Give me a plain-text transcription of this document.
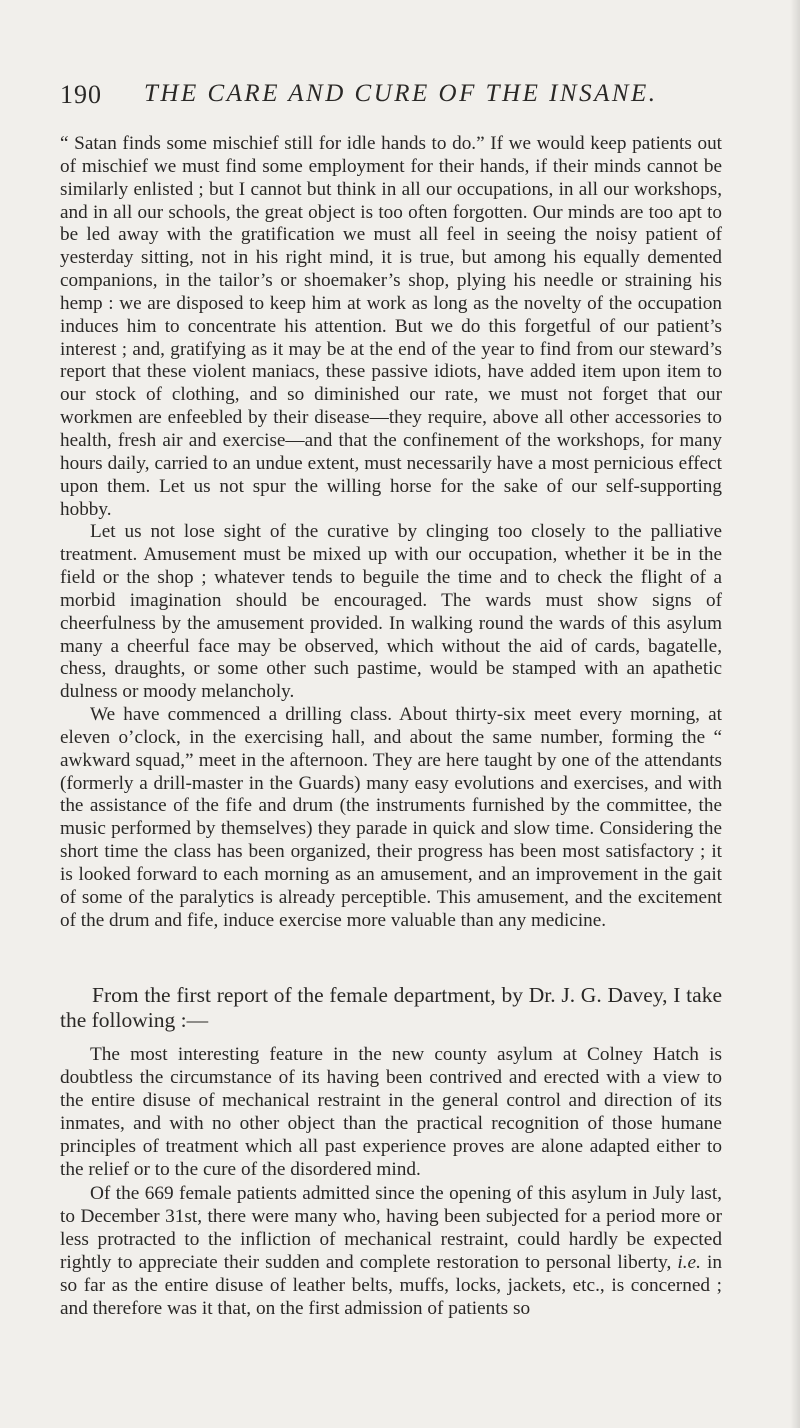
190 THE CARE AND CURE OF THE INSANE.

“ Satan finds some mischief still for idle hands to do.” If we would keep patients out of mischief we must find some employment for their hands, if their minds cannot be similarly enlisted ; but I cannot but think in all our occupations, in all our workshops, and in all our schools, the great object is too often forgotten. Our minds are too apt to be led away with the gratification we must all feel in seeing the noisy patient of yesterday sitting, not in his right mind, it is true, but among his equally demented companions, in the tailor’s or shoemaker’s shop, plying his needle or straining his hemp : we are disposed to keep him at work as long as the novelty of the occupation induces him to concentrate his attention. But we do this forgetful of our patient’s interest ; and, gratifying as it may be at the end of the year to find from our steward’s report that these violent maniacs, these passive idiots, have added item upon item to our stock of clothing, and so diminished our rate, we must not forget that our workmen are enfeebled by their disease—they require, above all other accessories to health, fresh air and exercise—and that the confinement of the workshops, for many hours daily, carried to an undue extent, must necessarily have a most pernicious effect upon them. Let us not spur the willing horse for the sake of our self-supporting hobby.

Let us not lose sight of the curative by clinging too closely to the palliative treatment. Amusement must be mixed up with our occupation, whether it be in the field or the shop ; whatever tends to beguile the time and to check the flight of a morbid imagination should be encouraged. The wards must show signs of cheerfulness by the amusement provided. In walking round the wards of this asylum many a cheerful face may be observed, which without the aid of cards, bagatelle, chess, draughts, or some other such pastime, would be stamped with an apathetic dulness or moody melancholy.

We have commenced a drilling class. About thirty-six meet every morning, at eleven o’clock, in the exercising hall, and about the same number, forming the “ awkward squad,” meet in the afternoon. They are here taught by one of the attendants (formerly a drill-master in the Guards) many easy evolutions and exercises, and with the assistance of the fife and drum (the instruments furnished by the committee, the music performed by themselves) they parade in quick and slow time. Considering the short time the class has been organized, their progress has been most satisfactory ; it is looked forward to each morning as an amusement, and an improvement in the gait of some of the paralytics is already perceptible. This amusement, and the excitement of the drum and fife, induce exercise more valuable than any medicine.

From the first report of the female department, by Dr. J. G. Davey, I take the following :—

The most interesting feature in the new county asylum at Colney Hatch is doubtless the circumstance of its having been contrived and erected with a view to the entire disuse of mechanical restraint in the general control and direction of its inmates, and with no other object than the practical recognition of those humane principles of treatment which all past experience proves are alone adapted either to the relief or to the cure of the disordered mind.

Of the 669 female patients admitted since the opening of this asylum in July last, to December 31st, there were many who, having been subjected for a period more or less protracted to the infliction of mechanical restraint, could hardly be expected rightly to appreciate their sudden and complete restoration to personal liberty, i.e. in so far as the entire disuse of leather belts, muffs, locks, jackets, etc., is concerned ; and therefore was it that, on the first admission of patients so
